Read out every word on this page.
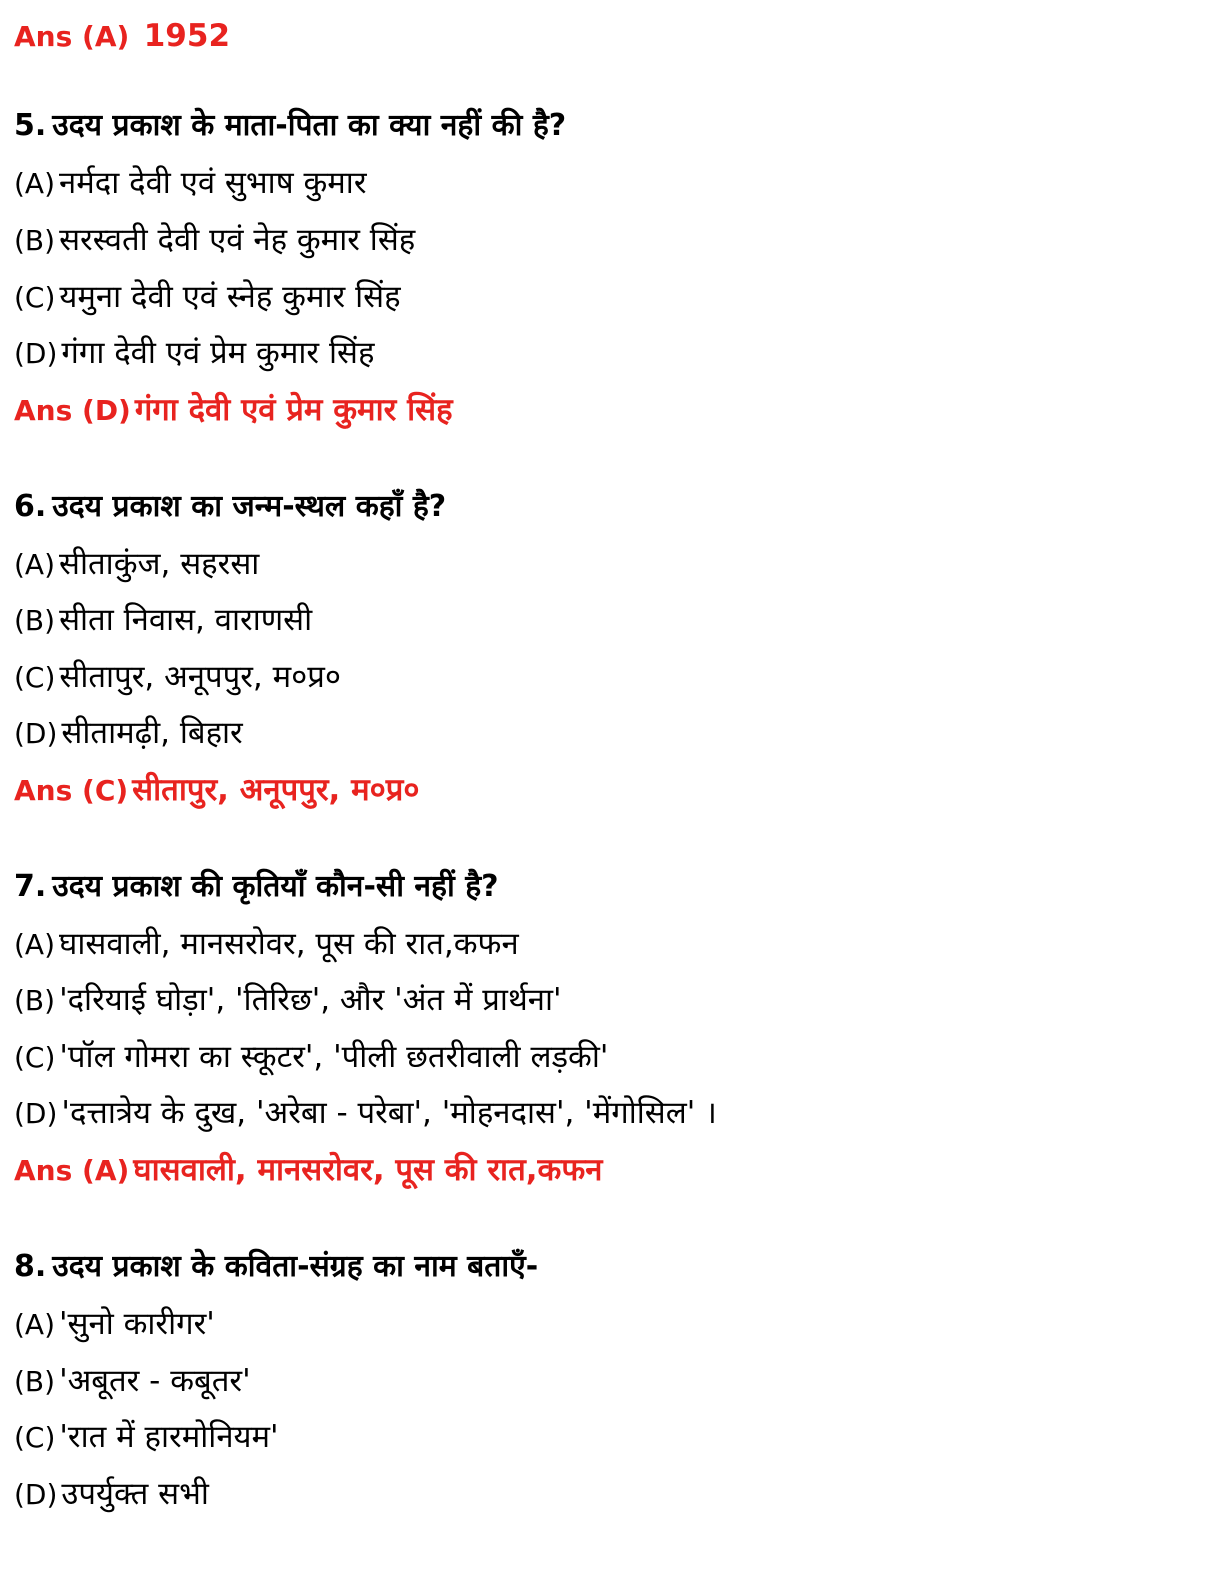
Ans (A) 1952
5. उदय प्रकाश के माता-पिता का क्या नहीं की है?
(A) नर्मदा देवी एवं सुभाष कुमार
(B) सरस्वती देवी एवं नेह कुमार सिंह
(C) यमुना देवी एवं स्नेह कुमार सिंह
(D) गंगा देवी एवं प्रेम कुमार सिंह
Ans (D) गंगा देवी एवं प्रेम कुमार सिंह
6. उदय प्रकाश का जन्म-स्थल कहाँ है?
(A) सीताकुंज, सहरसा
(B) सीता निवास, वाराणसी
(C) सीतापुर, अनूपपुर, म०प्र०
(D) सीतामढ़ी, बिहार
Ans (C) सीतापुर, अनूपपुर, म०प्र०
7. उदय प्रकाश की कृतियाँ कौन-सी नहीं है?
(A) घासवाली, मानसरोवर, पूस की रात,कफन
(B) 'दरियाई घोड़ा', 'तिरिछ', और 'अंत में प्रार्थना'
(C) 'पॉल गोमरा का स्कूटर', 'पीली छतरीवाली लड़की'
(D) 'दत्तात्रेय के दुख, 'अरेबा - परेबा', 'मोहनदास', 'मेंगोसिल' ।
Ans (A) घासवाली, मानसरोवर, पूस की रात,कफन
8. उदय प्रकाश के कविता-संग्रह का नाम बताएँ-
(A) 'सुनो कारीगर'
(B) 'अबूतर - कबूतर'
(C) 'रात में हारमोनियम'
(D) उपर्युक्त सभी
